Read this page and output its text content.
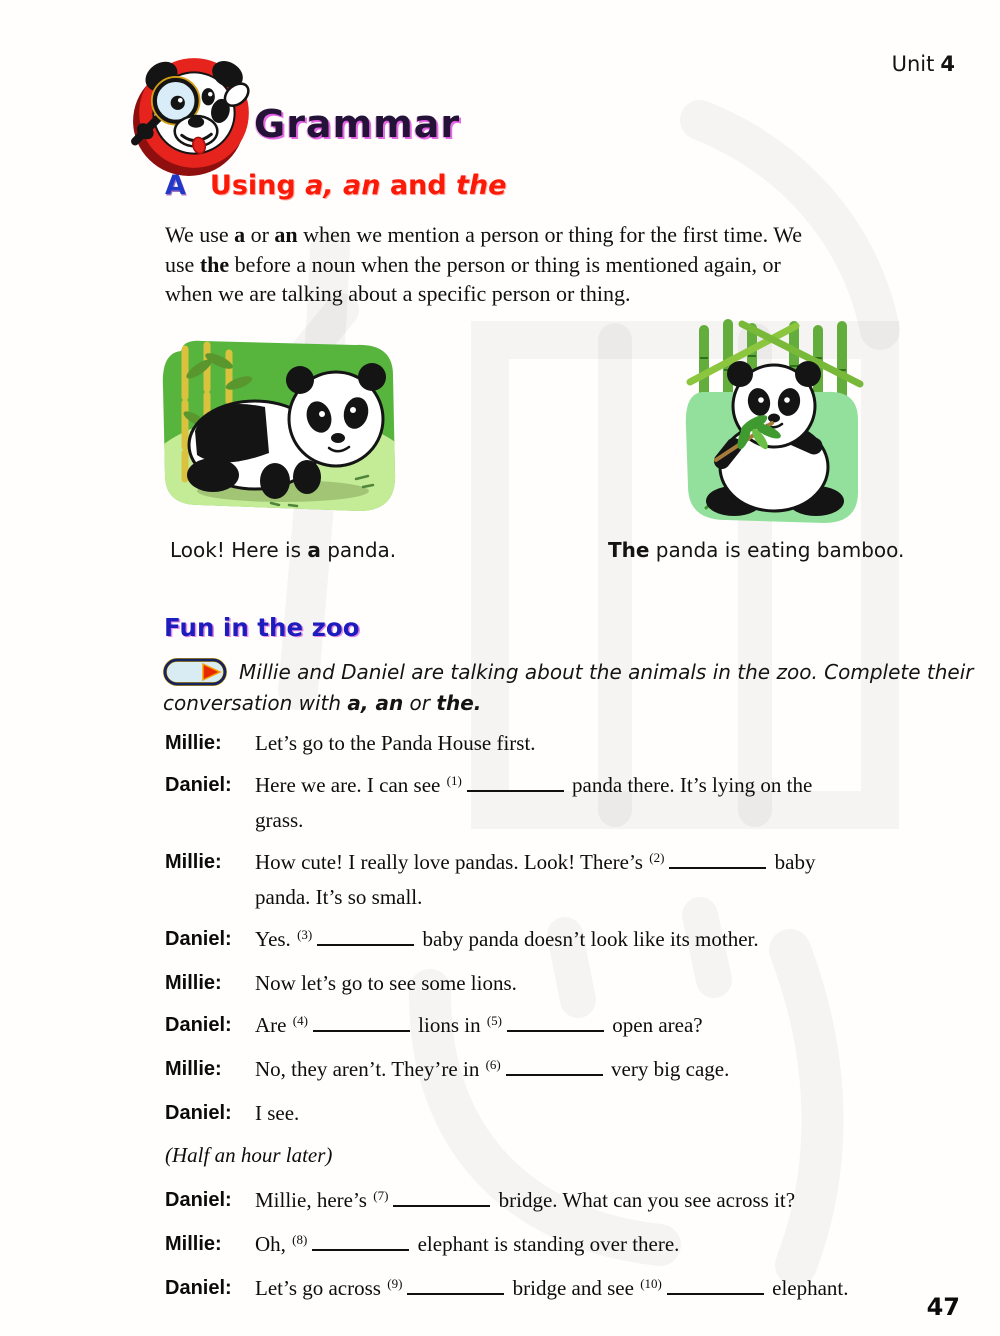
Unit 4
Grammar
A Using a, an and the
We use a or an when we mention a person or thing for the first time. We
use the before a noun when the person or thing is mentioned again, or
when we are talking about a specific person or thing.
Look! Here is a panda.	The panda is eating bamboo.
Fun in the zoo
Millie and Daniel are talking about the animals in the zoo. Complete their
conversation with a, an or the.
Millie:	Let’s go to the Panda House first.
Daniel:	Here we are. I can see $^{(1)}$	panda there. It’s lying on the
grass.
Millie:	How cute! I really love pandas. Look! There’s $^{(2)}$	baby
panda. It’s so small.
Daniel:	Yes. $^{(3)}$	baby panda doesn’t look like its mother.
Millie:	Now let’s go to see some lions.
Daniel:	Are $^{(4)}$	lions in $^{(5)}$	open area?
Millie:	No, they aren’t. They’re in $^{(6)}$	very big cage.
Daniel:	I see.
(Half an hour later)
Daniel:	Millie, here’s $^{(7)}$	bridge. What can you see across it?
Millie:	Oh, $^{(8)}$	elephant is standing over there.
Daniel:	Let’s go across $^{(9)}$	bridge and see $^{(10)}$	elephant.
47
